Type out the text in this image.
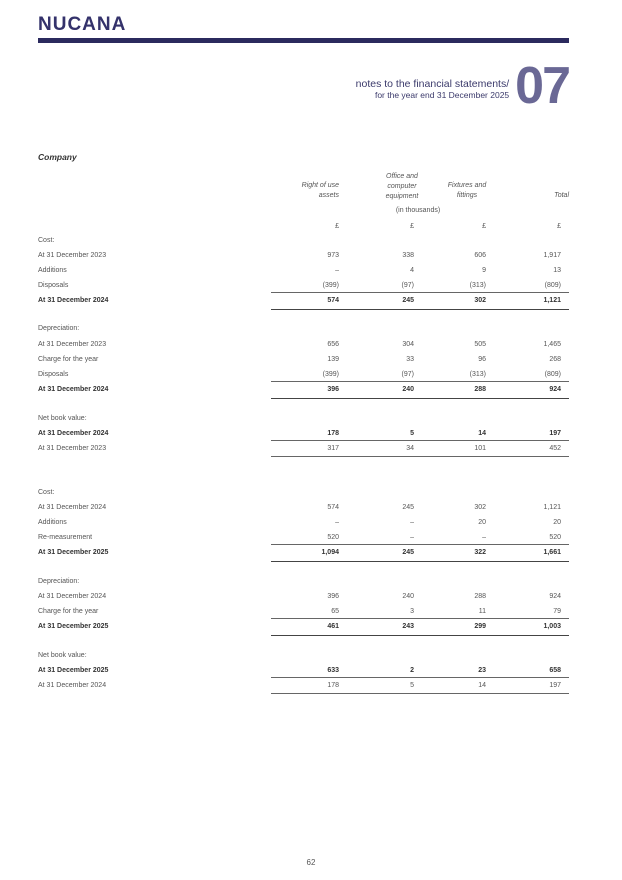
NUCANA
notes to the financial statements/
for the year end 31 December 2025 07
Company
Right of use
assets
Office and
computer
equipment
Fixtures and
fittings	Total
(in thousands)
£	£	£	£
Cost:
At 31 December 2023	973	338	606	1,917
Additions	–	4	9	13
Disposals	(399)	(97)	(313)	(809)
At 31 December 2024	574	245	302	1,121
Depreciation:
At 31 December 2023	656	304	505	1,465
Charge for the year	139	33	96	268
Disposals	(399)	(97)	(313)	(809)
At 31 December 2024	396	240	288	924
Net book value:
At 31 December 2024	178	5	14	197
At 31 December 2023	317	34	101	452
Cost:
At 31 December 2024	574	245	302	1,121
Additions	–	–	20	20
Re-measurement	520	–	–	520
At 31 December 2025	1,094	245	322	1,661
Depreciation:
At 31 December 2024	396	240	288	924
Charge for the year	65	3	11	79
At 31 December 2025	461	243	299	1,003
Net book value:
At 31 December 2025	633	2	23	658
At 31 December 2024	178	5	14	197
62
